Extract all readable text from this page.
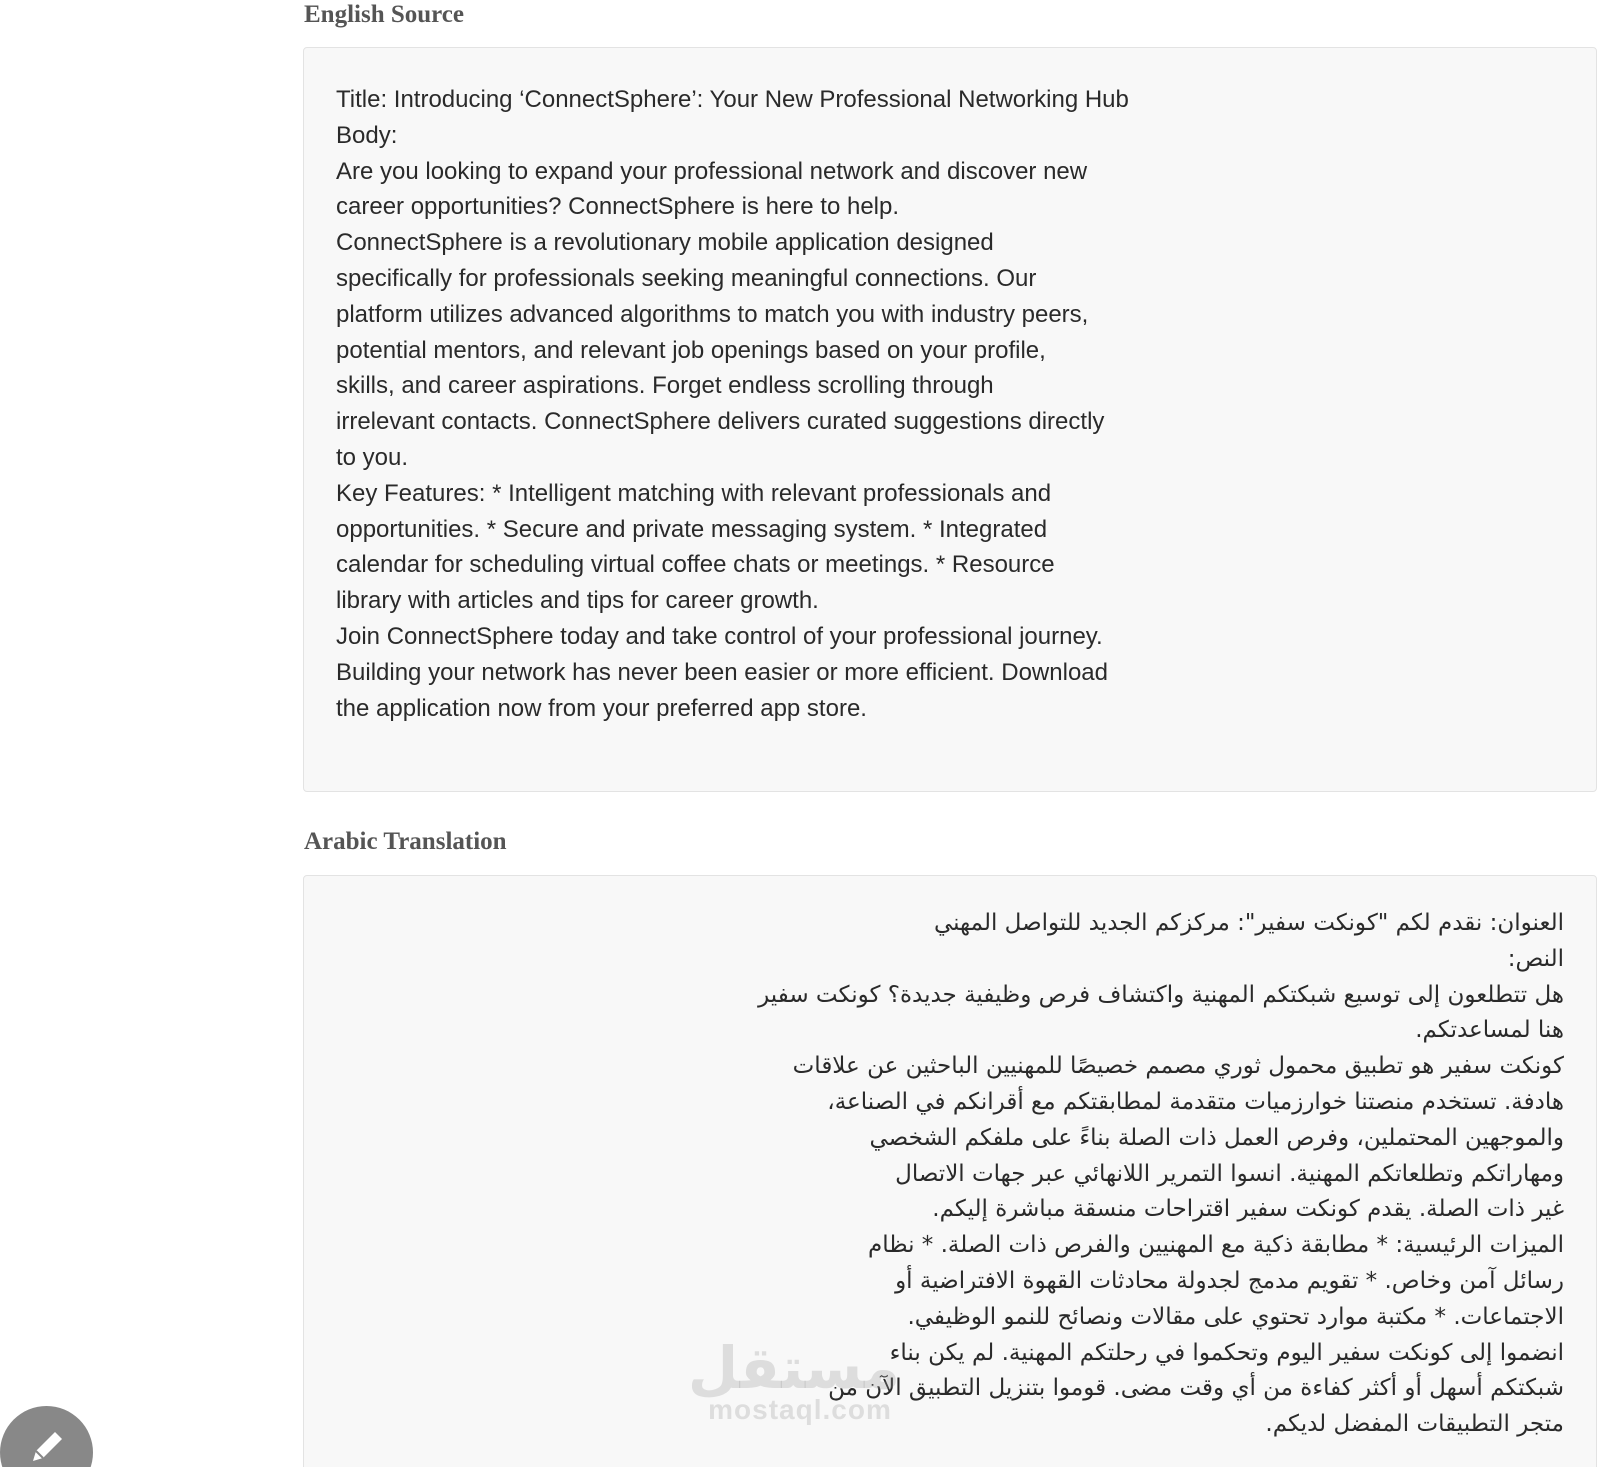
English Source
Title: Introducing ‘ConnectSphere’: Your New Professional Networking Hub
Body:
Are you looking to expand your professional network and discover new
career opportunities? ConnectSphere is here to help.
ConnectSphere is a revolutionary mobile application designed
specifically for professionals seeking meaningful connections. Our
platform utilizes advanced algorithms to match you with industry peers,
potential mentors, and relevant job openings based on your profile,
skills, and career aspirations. Forget endless scrolling through
irrelevant contacts. ConnectSphere delivers curated suggestions directly
to you.
Key Features: * Intelligent matching with relevant professionals and
opportunities. * Secure and private messaging system. * Integrated
calendar for scheduling virtual coffee chats or meetings. * Resource
library with articles and tips for career growth.
Join ConnectSphere today and take control of your professional journey.
Building your network has never been easier or more efficient. Download
the application now from your preferred app store.
Arabic Translation
العنوان: نقدم لكم "كونكت سفير": مركزكم الجديد للتواصل المهني
النص:
هل تتطلعون إلى توسيع شبكتكم المهنية واكتشاف فرص وظيفية جديدة؟ كونكت سفير
هنا لمساعدتكم.
كونكت سفير هو تطبيق محمول ثوري مصمم خصيصًا للمهنيين الباحثين عن علاقات
هادفة. تستخدم منصتنا خوارزميات متقدمة لمطابقتكم مع أقرانكم في الصناعة،
والموجهين المحتملين، وفرص العمل ذات الصلة بناءً على ملفكم الشخصي
ومهاراتكم وتطلعاتكم المهنية. انسوا التمرير اللانهائي عبر جهات الاتصال
غير ذات الصلة. يقدم كونكت سفير اقتراحات منسقة مباشرة إليكم.
الميزات الرئيسية: * مطابقة ذكية مع المهنيين والفرص ذات الصلة. * نظام
رسائل آمن وخاص. * تقويم مدمج لجدولة محادثات القهوة الافتراضية أو
الاجتماعات. * مكتبة موارد تحتوي على مقالات ونصائح للنمو الوظيفي.
انضموا إلى كونكت سفير اليوم وتحكموا في رحلتكم المهنية. لم يكن بناء
شبكتكم أسهل أو أكثر كفاءة من أي وقت مضى. قوموا بتنزيل التطبيق الآن من
متجر التطبيقات المفضل لديكم.
مستقل
mostaql.com
